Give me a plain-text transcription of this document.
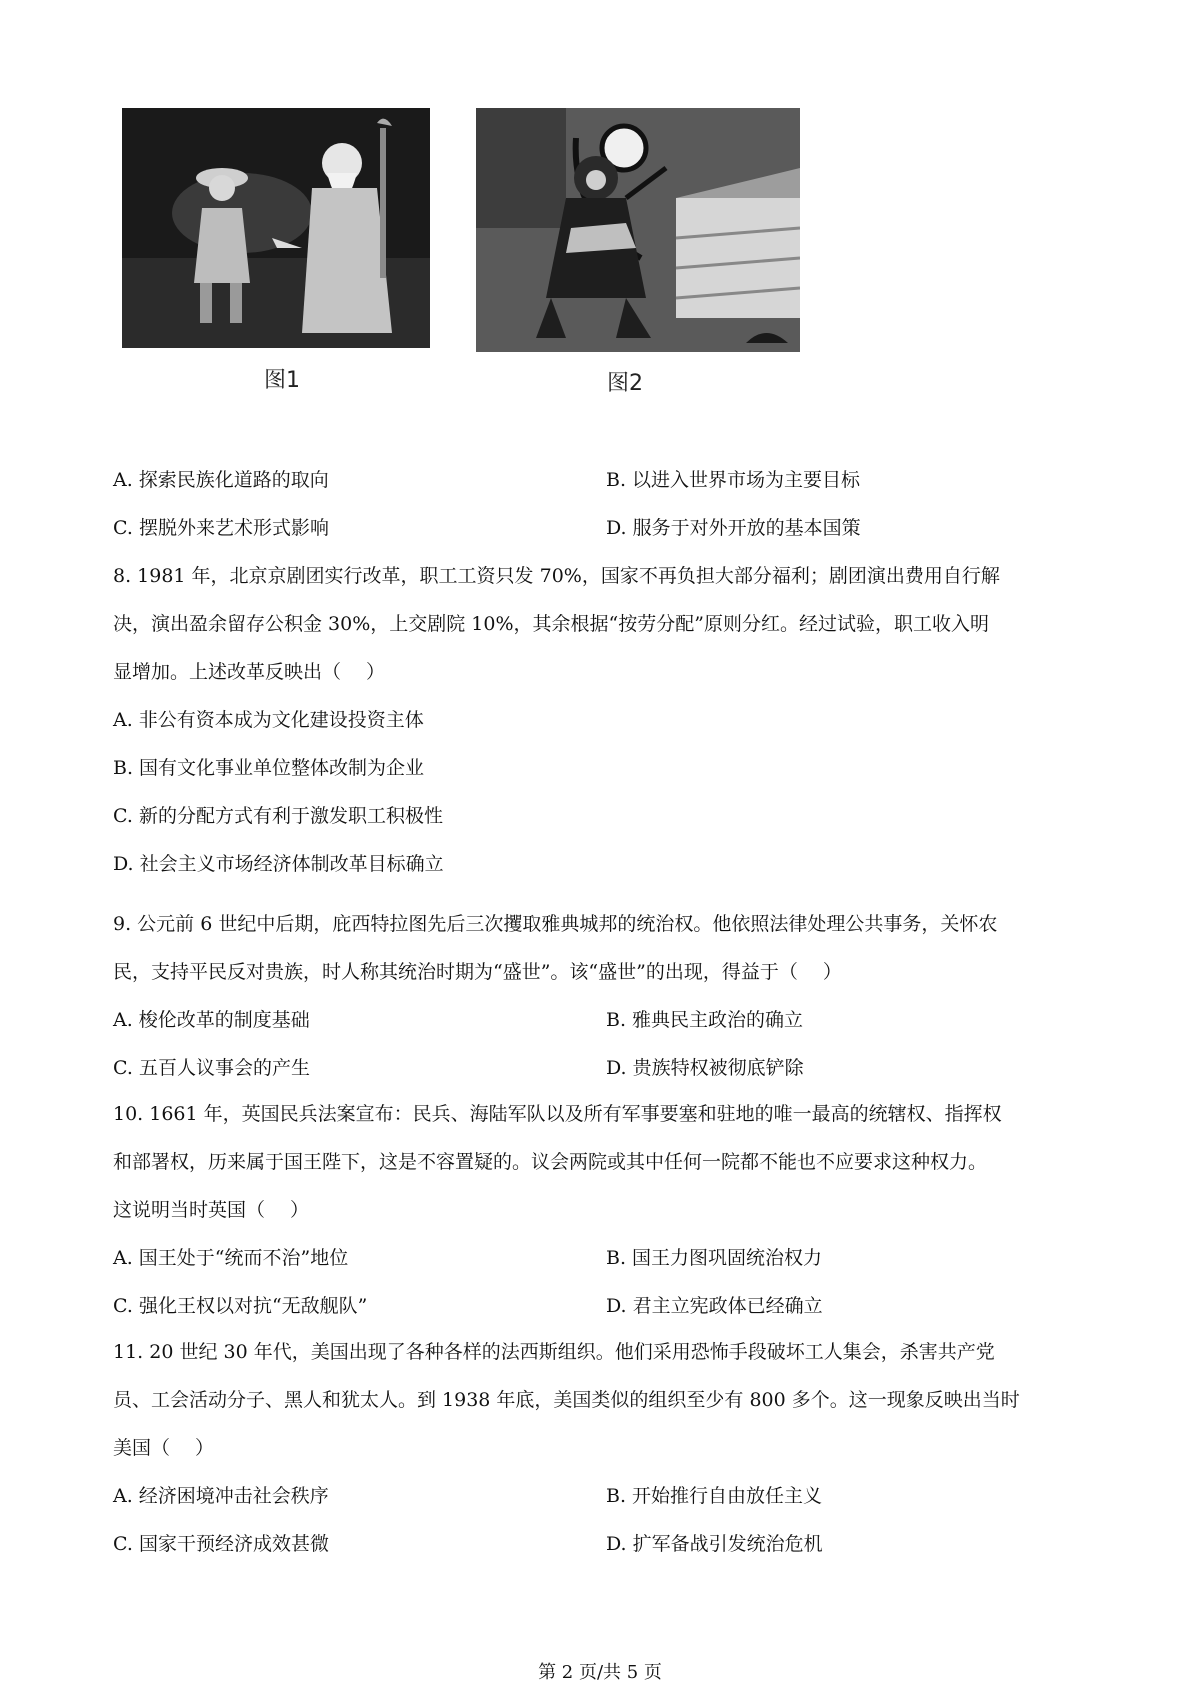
图1	图2
A. 探索民族化道路的取向	B. 以进入世界市场为主要目标
C. 摆脱外来艺术形式影响	D. 服务于对外开放的基本国策
8. 1981 年，北京京剧团实行改革，职工工资只发 70%，国家不再负担大部分福利；剧团演出费用自行解
决，演出盈余留存公积金 30%，上交剧院 10%，其余根据“按劳分配”原则分红。经过试验，职工收入明
显增加。上述改革反映出（　 ）
A. 非公有资本成为文化建设投资主体
B. 国有文化事业单位整体改制为企业
C. 新的分配方式有利于激发职工积极性
D. 社会主义市场经济体制改革目标确立
9. 公元前 6 世纪中后期，庇西特拉图先后三次攫取雅典城邦的统治权。他依照法律处理公共事务，关怀农
民，支持平民反对贵族，时人称其统治时期为“盛世”。该“盛世”的出现，得益于（　 ）
A. 梭伦改革的制度基础	B. 雅典民主政治的确立
C. 五百人议事会的产生	D. 贵族特权被彻底铲除
10. 1661 年，英国民兵法案宣布：民兵、海陆军队以及所有军事要塞和驻地的唯一最高的统辖权、指挥权
和部署权，历来属于国王陛下，这是不容置疑的。议会两院或其中任何一院都不能也不应要求这种权力。
这说明当时英国（　 ）
A. 国王处于“统而不治”地位	B. 国王力图巩固统治权力
C. 强化王权以对抗“无敌舰队”	D. 君主立宪政体已经确立
11. 20 世纪 30 年代，美国出现了各种各样的法西斯组织。他们采用恐怖手段破坏工人集会，杀害共产党
员、工会活动分子、黑人和犹太人。到 1938 年底，美国类似的组织至少有 800 多个。这一现象反映出当时
美国（　 ）
A. 经济困境冲击社会秩序	B. 开始推行自由放任主义
C. 国家干预经济成效甚微	D. 扩军备战引发统治危机
第 2 页/共 5 页
